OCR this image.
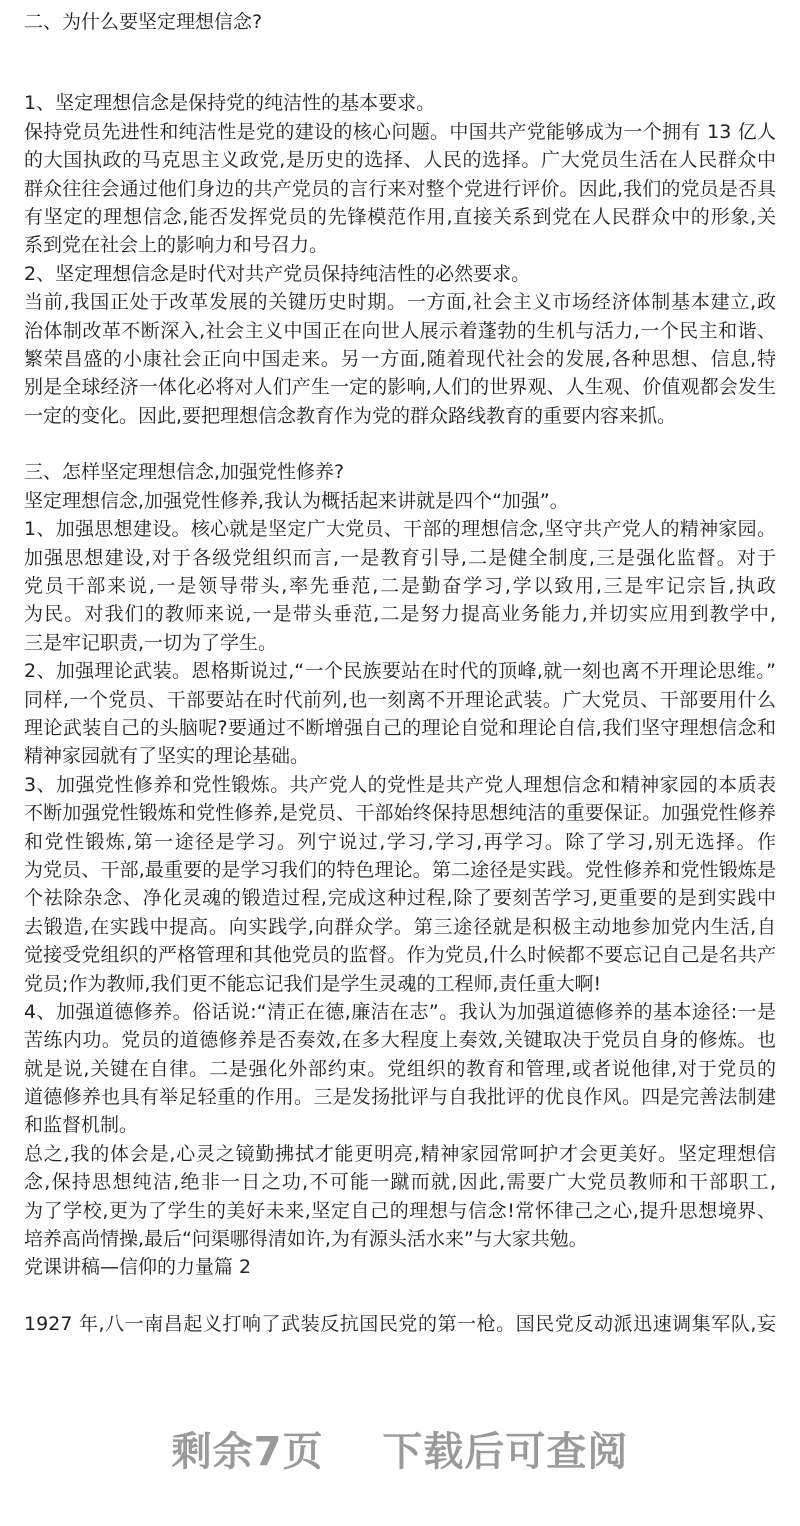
二、为什么要坚定理想信念?
1、坚定理想信念是保持党的纯洁性的基本要求。
保持党员先进性和纯洁性是党的建设的核心问题。中国共产党能够成为一个拥有 13 亿人
的大国执政的马克思主义政党,是历史的选择、人民的选择。广大党员生活在人民群众中
群众往往会通过他们身边的共产党员的言行来对整个党进行评价。因此,我们的党员是否具
有坚定的理想信念,能否发挥党员的先锋模范作用,直接关系到党在人民群众中的形象,关
系到党在社会上的影响力和号召力。
2、坚定理想信念是时代对共产党员保持纯洁性的必然要求。
当前,我国正处于改革发展的关键历史时期。一方面,社会主义市场经济体制基本建立,政
治体制改革不断深入,社会主义中国正在向世人展示着蓬勃的生机与活力,一个民主和谐、
繁荣昌盛的小康社会正向中国走来。另一方面,随着现代社会的发展,各种思想、信息,特
别是全球经济一体化必将对人们产生一定的影响,人们的世界观、人生观、价值观都会发生
一定的变化。因此,要把理想信念教育作为党的群众路线教育的重要内容来抓。
三、怎样坚定理想信念,加强党性修养?
坚定理想信念,加强党性修养,我认为概括起来讲就是四个“加强”。
1、加强思想建设。核心就是坚定广大党员、干部的理想信念,坚守共产党人的精神家园。
加强思想建设,对于各级党组织而言,一是教育引导,二是健全制度,三是强化监督。对于
党员干部来说,一是领导带头,率先垂范,二是勤奋学习,学以致用,三是牢记宗旨,执政
为民。对我们的教师来说,一是带头垂范,二是努力提高业务能力,并切实应用到教学中,
三是牢记职责,一切为了学生。
2、加强理论武装。恩格斯说过,“一个民族要站在时代的顶峰,就一刻也离不开理论思维。”
同样,一个党员、干部要站在时代前列,也一刻离不开理论武装。广大党员、干部要用什么
理论武装自己的头脑呢?要通过不断增强自己的理论自觉和理论自信,我们坚守理想信念和
精神家园就有了坚实的理论基础。
3、加强党性修养和党性锻炼。共产党人的党性是共产党人理想信念和精神家园的本质表
不断加强党性锻炼和党性修养,是党员、干部始终保持思想纯洁的重要保证。加强党性修养
和党性锻炼,第一途径是学习。列宁说过,学习,学习,再学习。除了学习,别无选择。作
为党员、干部,最重要的是学习我们的特色理论。第二途径是实践。党性修养和党性锻炼是
个祛除杂念、净化灵魂的锻造过程,完成这种过程,除了要刻苦学习,更重要的是到实践中
去锻造,在实践中提高。向实践学,向群众学。第三途径就是积极主动地参加党内生活,自
觉接受党组织的严格管理和其他党员的监督。作为党员,什么时候都不要忘记自己是名共产
党员;作为教师,我们更不能忘记我们是学生灵魂的工程师,责任重大啊!
4、加强道德修养。俗话说:“清正在德,廉洁在志”。我认为加强道德修养的基本途径:一是
苦练内功。党员的道德修养是否奏效,在多大程度上奏效,关键取决于党员自身的修炼。也
就是说,关键在自律。二是强化外部约束。党组织的教育和管理,或者说他律,对于党员的
道德修养也具有举足轻重的作用。三是发扬批评与自我批评的优良作风。四是完善法制建
和监督机制。
总之,我的体会是,心灵之镜勤拂拭才能更明亮,精神家园常呵护才会更美好。坚定理想信
念,保持思想纯洁,绝非一日之功,不可能一蹴而就,因此,需要广大党员教师和干部职工,
为了学校,更为了学生的美好未来,坚定自己的理想与信念!常怀律己之心,提升思想境界、
培养高尚情操,最后“问渠哪得清如许,为有源头活水来”与大家共勉。
党课讲稿—信仰的力量篇 2
1927 年,八一南昌起义打响了武装反抗国民党的第一枪。国民党反动派迅速调集军队,妄
剩余7页 下载后可查阅
